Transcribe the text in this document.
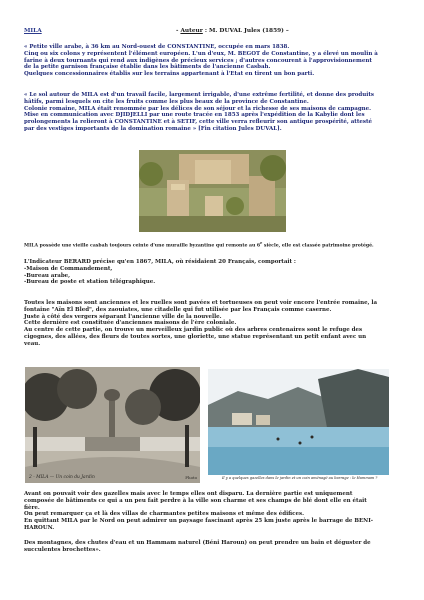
MILA	- Auteur : M. DUVAL Jules (1859) –

« Petite ville arabe, à 36 km au Nord-ouest de CONSTANTINE, occupée en mars 1838.

Cinq ou six colons y représentent l'élément européen. L'un d'eux, M. BEGOT de Constantine, y a élevé un moulin à

farine à deux tournants qui rend aux indigènes de précieux services ; d'autres concourent à l'approvisionnement

de la petite garnison française établie dans les bâtiments de l'ancienne Casbah.

Quelques concessionnaires établis sur les terrains appartenant à l'Etat en tirent un bon parti.

« Le sol autour de MILA est d'un travail facile, largement irrigable, d'une extrême fertilité, et donne des produits

hâtifs, parmi lesquels on cite les fruits comme les plus beaux de la province de Constantine.

Colonie romaine, MILA était renommée par les délices de son séjour et la richesse de ses maisons de campagne.

Mise en communication avec DJIDJELLI par une route tracée en 1853 après l'expédition de la Kabylie dont les

prolongements la relieront à CONSTANTINE et à SETIF, cette ville verra refleurir son antique prospérité, attesté

par des vestiges importants de la domination romaine » [Fin citation Jules DUVAL].

MILA possède une vieille casbah toujours ceinte d'une muraille byzantine qui remonte au 6e siècle, elle est classée patrimoine protégé.

L'Indicateur BERARD précise qu'en 1867, MILA, où résidaient 20 Français, comportait :

-Maison de Commandement,

-Bureau arabe,

-Bureau de poste et station télégraphique.

Toutes les maisons sont anciennes et les ruelles sont pavées et tortueuses on peut voir encore l'entrée romaine, la

fontaine "Aïn El Bled", des zaouiates, une citadelle qui fut utilisée par les Français comme caserne.

Juste à côté des vergers séparant l'ancienne ville de la nouvelle.

Cette dernière est constituée d'anciennes maisons de l'ère coloniale.

Au centre de cette partie, on trouve un merveilleux jardin public où des arbres centenaires sont le refuge des

cigognes, des allées, des fleurs de toutes sortes, une gloriette, une statue représentant un petit enfant avec un

veau.

2 - MILA — Un coin du Jardin	Photo	Il y a quelques gazelles dans le jardin et un coin aménagé au barrage : le Hammam ?

Avant on pouvait voir des gazelles mais avec le temps elles ont disparu. La dernière partie est uniquement

composée de bâtiments ce qui a un peu fait perdre à la ville son charme et ses champs de blé dont elle en était

fière.

On peut remarquer ça et là des villas de charmantes petites maisons et même des édifices.

En quittant MILA par le Nord on peut admirer un paysage fascinant après 25 km juste après le barrage de BENI-

HAROUN.

Des montagnes, des chutes d'eau et un Hammam naturel (Béni Haroun) on peut prendre un bain et déguster de

succulentes brochettes».
